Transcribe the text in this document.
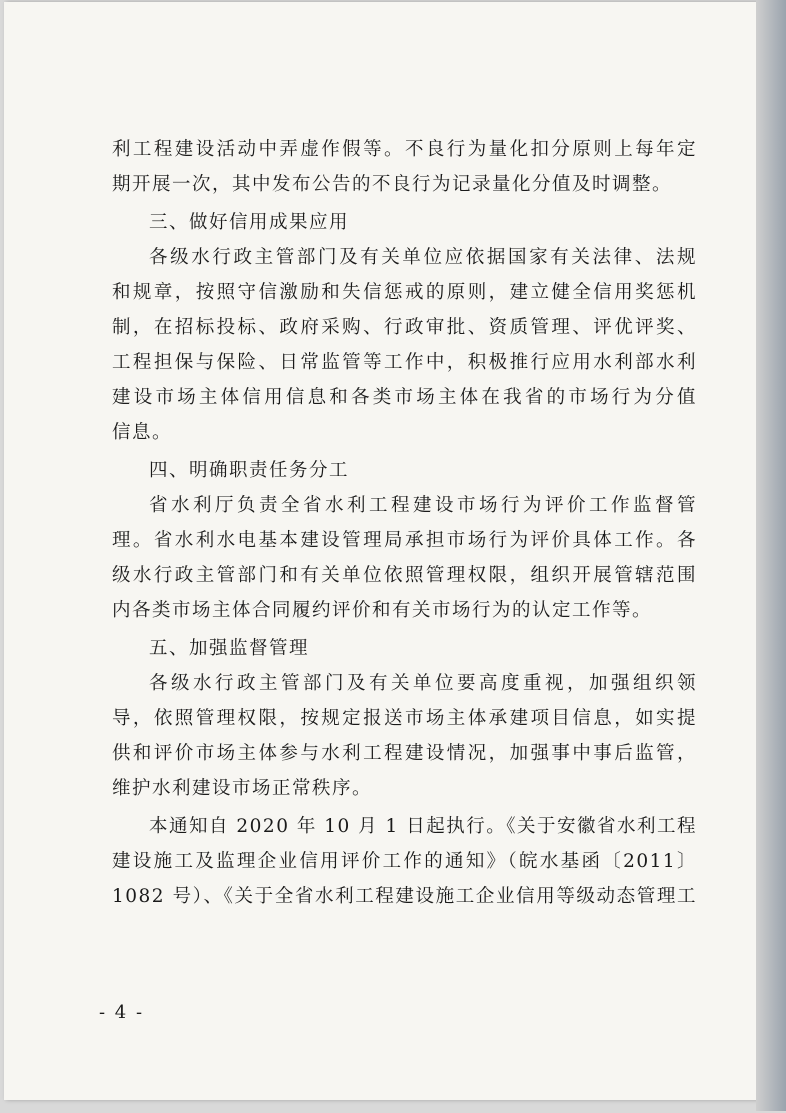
利工程建设活动中弄虚作假等。不良行为量化扣分原则上每年定
期开展一次，其中发布公告的不良行为记录量化分值及时调整。
三、做好信用成果应用
各级水行政主管部门及有关单位应依据国家有关法律、法规
和规章，按照守信激励和失信惩戒的原则，建立健全信用奖惩机
制，在招标投标、政府采购、行政审批、资质管理、评优评奖、
工程担保与保险、日常监管等工作中，积极推行应用水利部水利
建设市场主体信用信息和各类市场主体在我省的市场行为分值
信息。
四、明确职责任务分工
省水利厅负责全省水利工程建设市场行为评价工作监督管
理。省水利水电基本建设管理局承担市场行为评价具体工作。各
级水行政主管部门和有关单位依照管理权限，组织开展管辖范围
内各类市场主体合同履约评价和有关市场行为的认定工作等。
五、加强监督管理
各级水行政主管部门及有关单位要高度重视，加强组织领
导，依照管理权限，按规定报送市场主体承建项目信息，如实提
供和评价市场主体参与水利工程建设情况，加强事中事后监管，
维护水利建设市场正常秩序。
本通知自 2020 年 10 月 1 日起执行。《关于安徽省水利工程
建设施工及监理企业信用评价工作的通知》（皖水基函〔2011〕
1082 号）、《关于全省水利工程建设施工企业信用等级动态管理工
- 4 -
